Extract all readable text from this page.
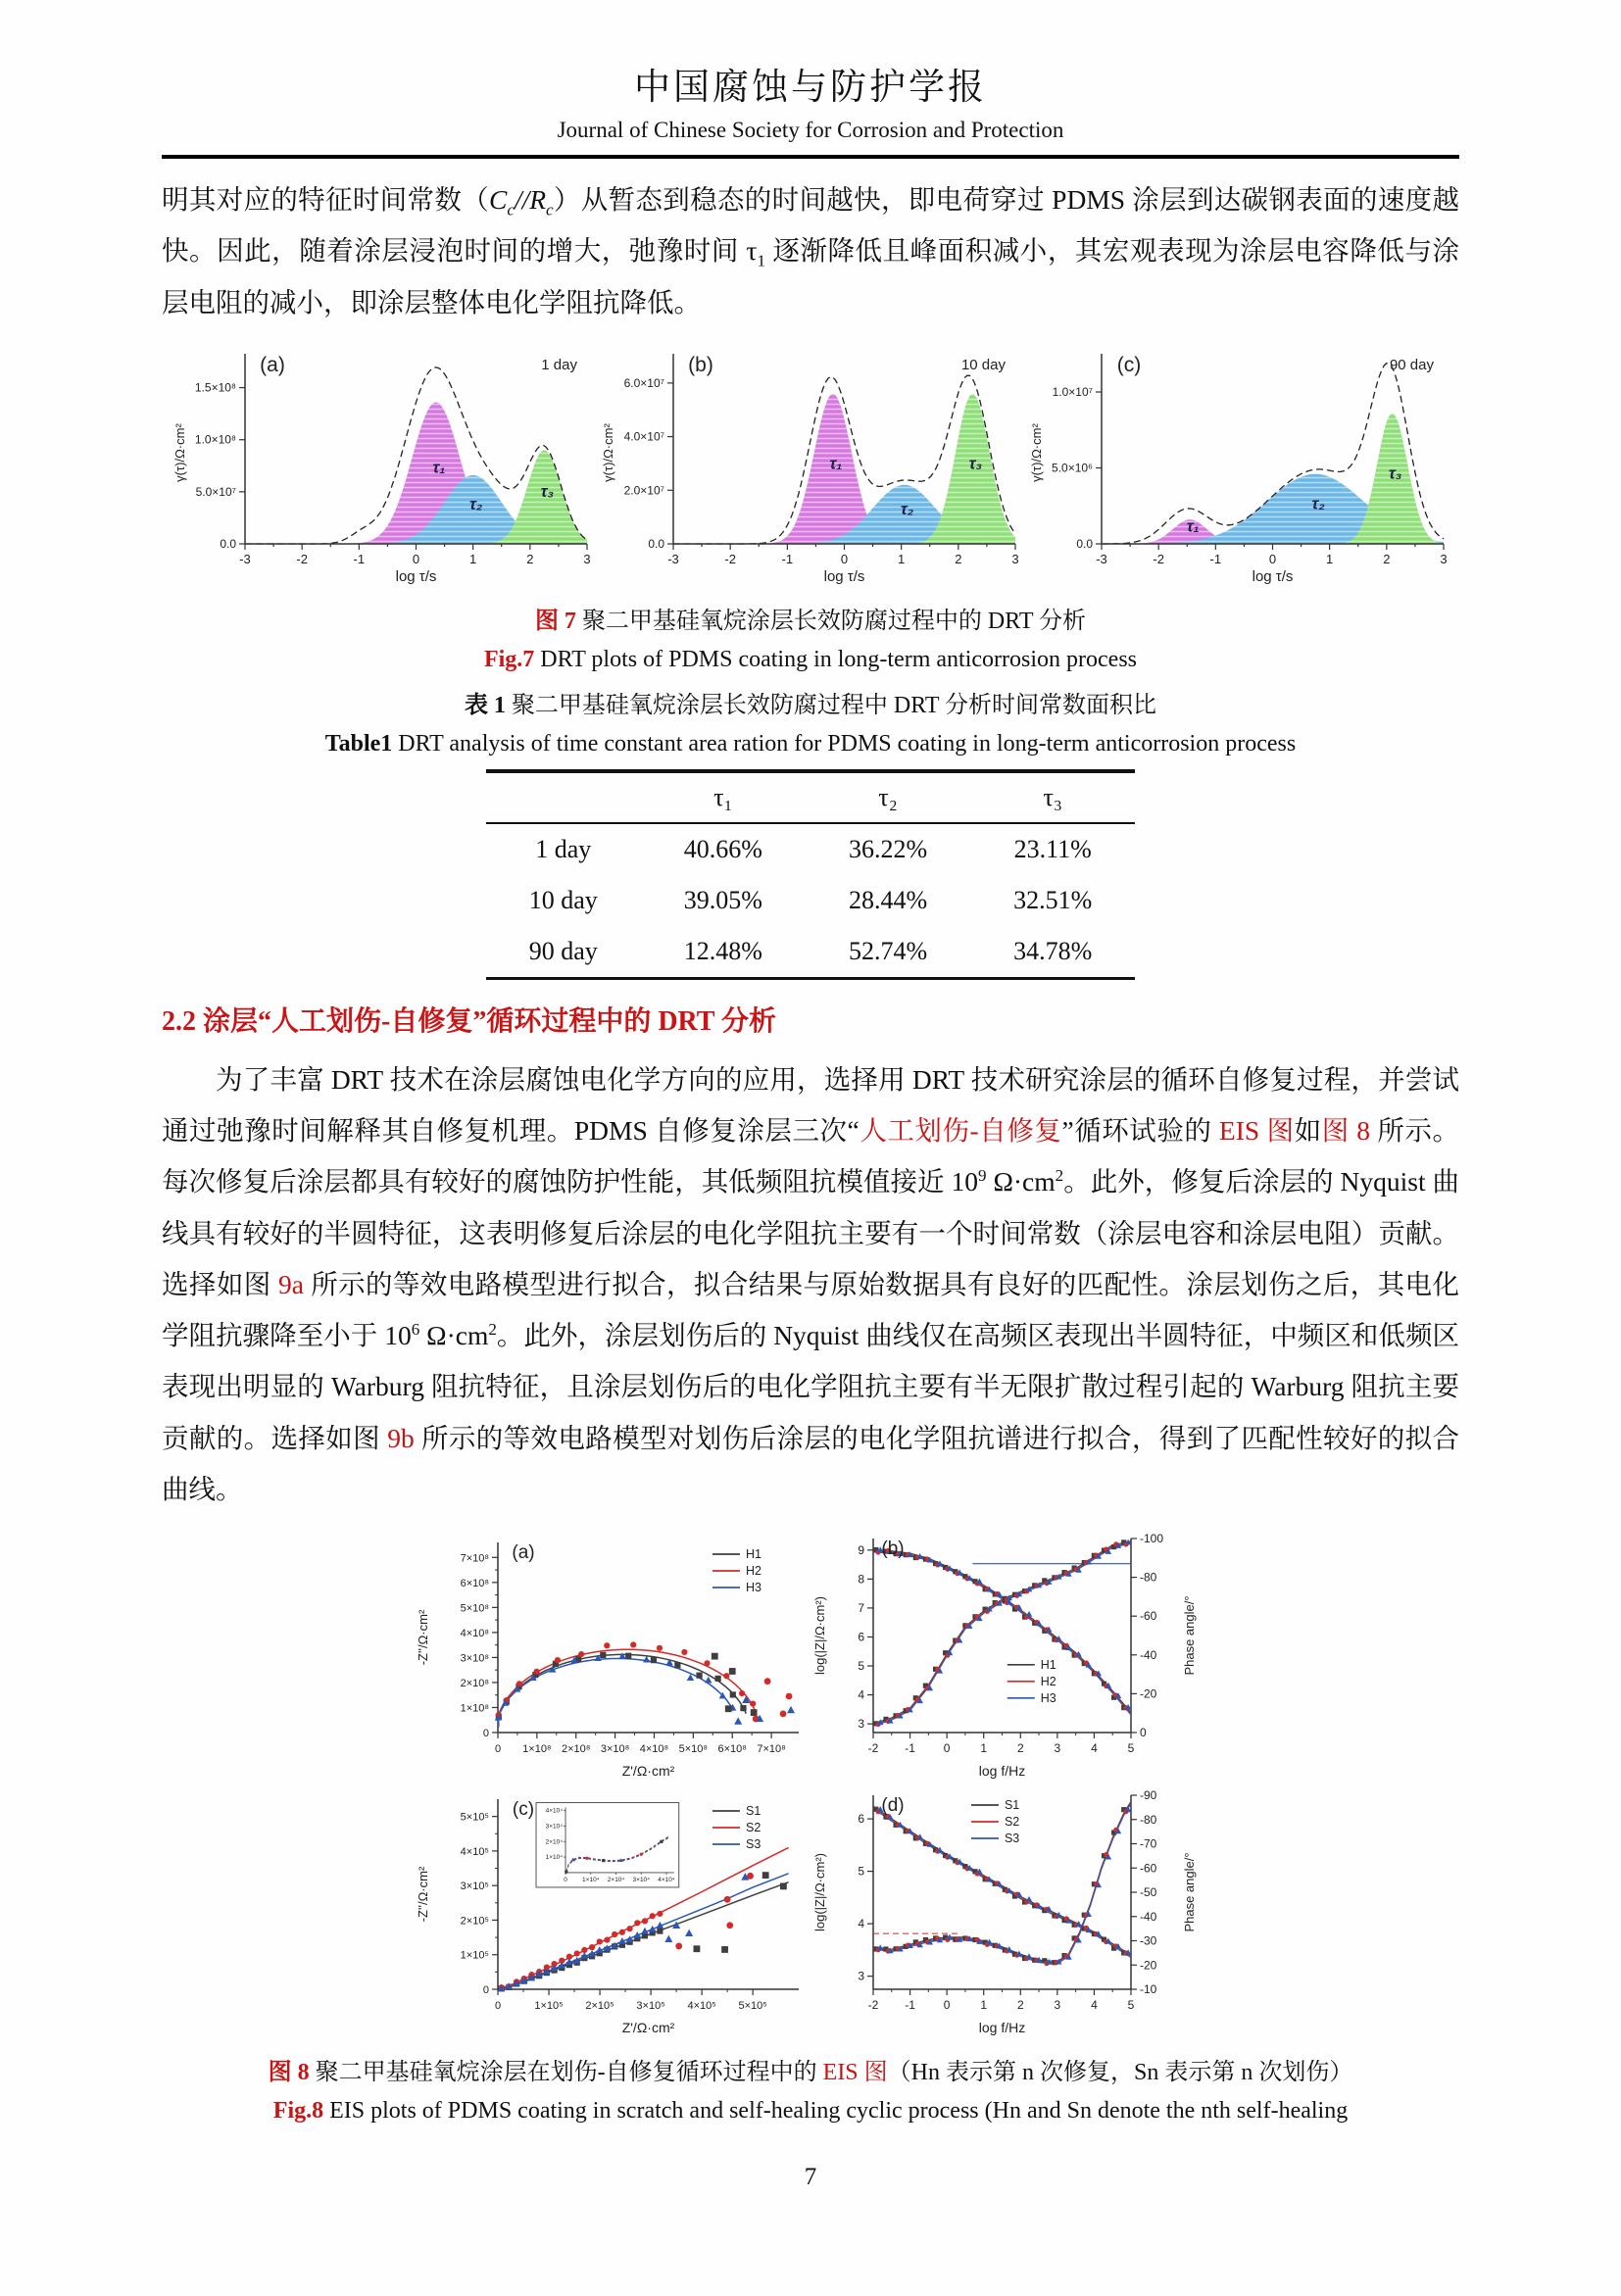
中国腐蚀与防护学报
Journal of Chinese Society for Corrosion and Protection

明其对应的特征时间常数$(C_c//R_c)$从暂态到稳态的时间越快，即电荷穿过 PDMS 涂层到达碳钢表面的速度越快。因此，随着涂层浸泡时间的增大，弛豫时间 $\tau_1$ 逐渐降低且峰面积减小，其宏观表现为涂层电容降低与涂层电阻的减小，即涂层整体电化学阻抗降低。

-3	-2	-1	0	1	2	3
0.0
5.0×10⁷
1.0×10⁸
1.5×10⁸
τ₁
τ₂
τ₃
(a)	1 day
log τ/s
γ(τ)/Ω·cm²
-3	-2	-1	0	1	2	3
0.0
2.0×10⁷
4.0×10⁷
6.0×10⁷
τ₁
τ₂
τ₃
(b)	10 day
log τ/s
γ(τ)/Ω·cm²
-3	-2	-1	0	1	2	3
0.0
5.0×10⁶
1.0×10⁷
τ₁
τ₂
τ₃
(c)	90 day
log τ/s
γ(τ)/Ω·cm²
图 7 聚二甲基硅氧烷涂层长效防腐过程中的 DRT 分析
Fig.7 DRT plots of PDMS coating in long-term anticorrosion process
表 1 聚二甲基硅氧烷涂层长效防腐过程中 DRT 分析时间常数面积比
Table1 DRT analysis of time constant area ration for PDMS coating in long-term anticorrosion process
	τ₁	τ₂	τ₃
1 day	40.66%	36.22%	23.11%
10 day	39.05%	28.44%	32.51%
90 day	12.48%	52.74%	34.78%
2.2 涂层“人工划伤-自修复”循环过程中的 DRT 分析

为了丰富 DRT 技术在涂层腐蚀电化学方向的应用，选择用 DRT 技术研究涂层的循环自修复过程，并尝试通过弛豫时间解释其自修复机理。PDMS 自修复涂层三次“人工划伤-自修复”循环试验的 EIS 图如图 8 所示。每次修复后涂层都具有较好的腐蚀防护性能，其低频阻抗模值接近 $10^9$ $\Omega\cdot cm^2$。此外，修复后涂层的 Nyquist 曲线具有较好的半圆特征，这表明修复后涂层的电化学阻抗主要有一个时间常数（涂层电容和涂层电阻）贡献。选择如图 9a 所示的等效电路模型进行拟合，拟合结果与原始数据具有良好的匹配性。涂层划伤之后，其电化学阻抗骤降至小于 $10^6$ $\Omega\cdot cm^2$。此外，涂层划伤后的 Nyquist 曲线仅在高频区表现出半圆特征，中频区和低频区表现出明显的 Warburg 阻抗特征，且涂层划伤后的电化学阻抗主要有半无限扩散过程引起的 Warburg 阻抗主要贡献的。选择如图 9b 所示的等效电路模型对划伤后涂层的电化学阻抗谱进行拟合，得到了匹配性较好的拟合曲线。

0
0
1×10⁸
1×10⁸
2×10⁸
2×10⁸
3×10⁸
3×10⁸
4×10⁸
4×10⁸
5×10⁸
5×10⁸
6×10⁸
6×10⁸
7×10⁸
7×10⁸	H1
H2
H3
(a)
Z'/Ω·cm²
-Z''/Ω·cm²
-2 -1 0	1	2	3	4	5
3
4
5
6
7
8
9
0
-20
-40
-60
-80
-100
H1
H2
H3
(b)
log f/Hz
log(|Z|/Ω·cm²)	Phase angle/°
0
0
1×10⁵
1×10⁵
2×10⁵
2×10⁵
3×10⁵
3×10⁵
4×10⁵
4×10⁵
5×10⁵
5×10⁵	S1
S2
S3
0 1×10⁴ 2×10⁴ 3×10⁴ 4×10⁴
1×10⁴
2×10⁴
3×10⁴
4×10⁴
(c)
Z'/Ω·cm²
-Z''/Ω·cm²
-2 -1 0	1	2	3	4	5
3
4
5
6
-10
-20
-30
-40
-50
-60
-70
-80
-90
S1
S2
S3
(d)
log f/Hz
log(|Z|/Ω·cm²)	Phase angle/°
图 8 聚二甲基硅氧烷涂层在划伤-自修复循环过程中的 EIS 图（Hn 表示第 n 次修复，Sn 表示第 n 次划伤）
Fig.8 EIS plots of PDMS coating in scratch and self-healing cyclic process (Hn and Sn denote the nth self-healing
7
